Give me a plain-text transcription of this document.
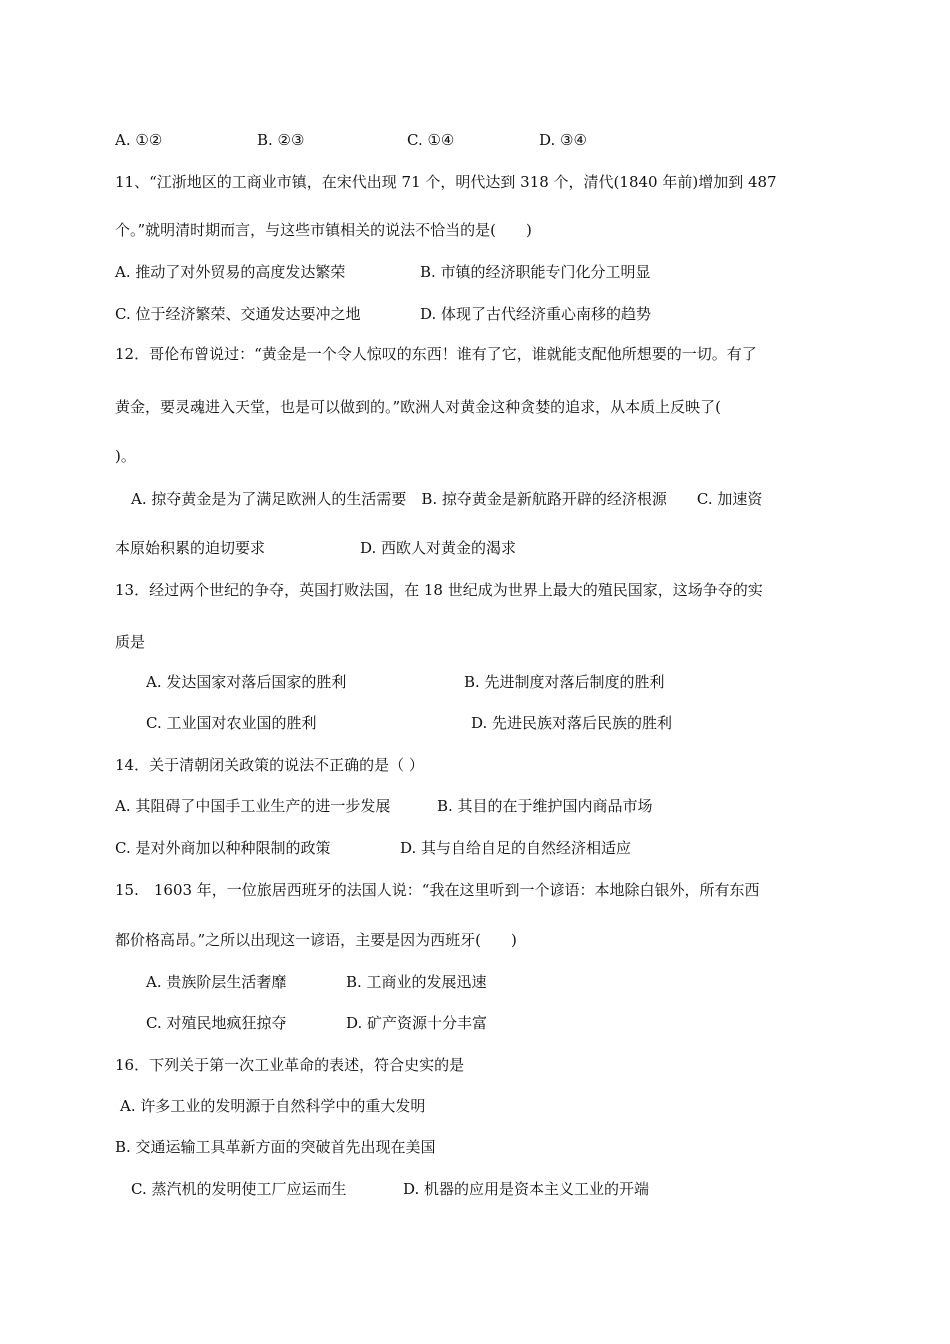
A. ①②	B. ②③	C. ①④	D. ③④
11、“江浙地区的工商业市镇，在宋代出现 71 个，明代达到 318 个，清代(1840 年前)增加到 487
个。”就明清时期而言，与这些市镇相关的说法不恰当的是(　　)
A. 推动了对外贸易的高度发达繁荣	B. 市镇的经济职能专门化分工明显
C. 位于经济繁荣、交通发达要冲之地	D. 体现了古代经济重心南移的趋势
12．哥伦布曾说过：“黄金是一个令人惊叹的东西！谁有了它，谁就能支配他所想要的一切。有了
黄金，要灵魂进入天堂，也是可以做到的。”欧洲人对黄金这种贪婪的追求，从本质上反映了(
)。
A. 掠夺黄金是为了满足欧洲人的生活需要　B. 掠夺黄金是新航路开辟的经济根源　　C. 加速资
本原始积累的迫切要求	D. 西欧人对黄金的渴求
13．经过两个世纪的争夺，英国打败法国，在 18 世纪成为世界上最大的殖民国家，这场争夺的实
质是
A. 发达国家对落后国家的胜利	B. 先进制度对落后制度的胜利
C. 工业国对农业国的胜利	D. 先进民族对落后民族的胜利
14．关于清朝闭关政策的说法不正确的是（ ）
A. 其阻碍了中国手工业生产的进一步发展	B. 其目的在于维护国内商品市场
C. 是对外商加以种种限制的政策	D. 其与自给自足的自然经济相适应
15.　1603 年，一位旅居西班牙的法国人说：“我在这里听到一个谚语：本地除白银外，所有东西
都价格高昂。”之所以出现这一谚语，主要是因为西班牙(　　)
A. 贵族阶层生活奢靡	B. 工商业的发展迅速
C. 对殖民地疯狂掠夺	D. 矿产资源十分丰富
16．下列关于第一次工业革命的表述，符合史实的是
A. 许多工业的发明源于自然科学中的重大发明
B. 交通运输工具革新方面的突破首先出现在美国
C. 蒸汽机的发明使工厂应运而生	D. 机器的应用是资本主义工业的开端
